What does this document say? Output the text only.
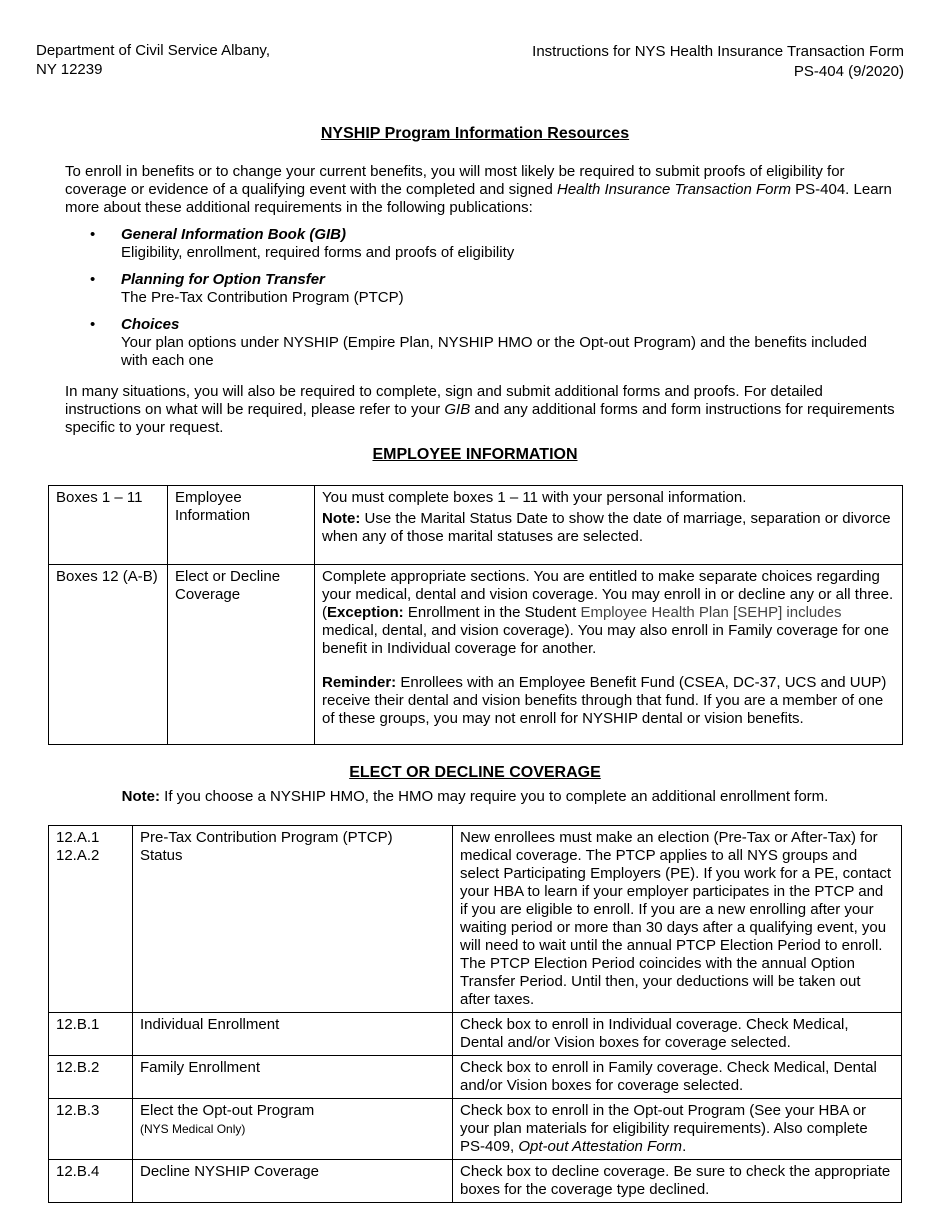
Department of Civil Service Albany,
NY 12239
Instructions for NYS Health Insurance Transaction Form
PS-404 (9/2020)
NYSHIP Program Information Resources
To enroll in benefits or to change your current benefits, you will most likely be required to submit proofs of eligibility for coverage or evidence of a qualifying event with the completed and signed Health Insurance Transaction Form PS-404. Learn more about these additional requirements in the following publications:
• General Information Book (GIB)
Eligibility, enrollment, required forms and proofs of eligibility
• Planning for Option Transfer
The Pre-Tax Contribution Program (PTCP)
• Choices
Your plan options under NYSHIP (Empire Plan, NYSHIP HMO or the Opt-out Program) and the benefits included with each one
In many situations, you will also be required to complete, sign and submit additional forms and proofs. For detailed instructions on what will be required, please refer to your GIB and any additional forms and form instructions for requirements specific to your request.
EMPLOYEE INFORMATION
Boxes 1 – 11	Employee Information	You must complete boxes 1 – 11 with your personal information.

Note: Use the Marital Status Date to show the date of marriage, separation or divorce when any of those marital statuses are selected.

Boxes 12 (A-B)	Elect or Decline Coverage	Complete appropriate sections. You are entitled to make separate choices regarding your medical, dental and vision coverage. You may enroll in or decline any or all three. (Exception: Enrollment in the Student Employee Health Plan [SEHP] includes medical, dental, and vision coverage). You may also enroll in Family coverage for one benefit in Individual coverage for another.

Reminder: Enrollees with an Employee Benefit Fund (CSEA, DC-37, UCS and UUP) receive their dental and vision benefits through that fund. If you are a member of one of these groups, you may not enroll for NYSHIP dental or vision benefits.

ELECT OR DECLINE COVERAGE
Note: If you choose a NYSHIP HMO, the HMO may require you to complete an additional enrollment form.
12.A.1
12.A.2	Pre-Tax Contribution Program (PTCP) Status	New enrollees must make an election (Pre-Tax or After-Tax) for medical coverage. The PTCP applies to all NYS groups and select Participating Employers (PE). If you work for a PE, contact your HBA to learn if your employer participates in the PTCP and if you are eligible to enroll. If you are a new enrolling after your waiting period or more than 30 days after a qualifying event, you will need to wait until the annual PTCP Election Period to enroll. The PTCP Election Period coincides with the annual Option Transfer Period. Until then, your deductions will be taken out after taxes.
12.B.1	Individual Enrollment	Check box to enroll in Individual coverage. Check Medical, Dental and/or Vision boxes for coverage selected.
12.B.2	Family Enrollment	Check box to enroll in Family coverage. Check Medical, Dental and/or Vision boxes for coverage selected.
12.B.3	Elect the Opt-out Program
(NYS Medical Only)	Check box to enroll in the Opt-out Program (See your HBA or your plan materials for eligibility requirements). Also complete PS-409, Opt-out Attestation Form.
12.B.4	Decline NYSHIP Coverage	Check box to decline coverage. Be sure to check the appropriate boxes for the coverage type declined.
